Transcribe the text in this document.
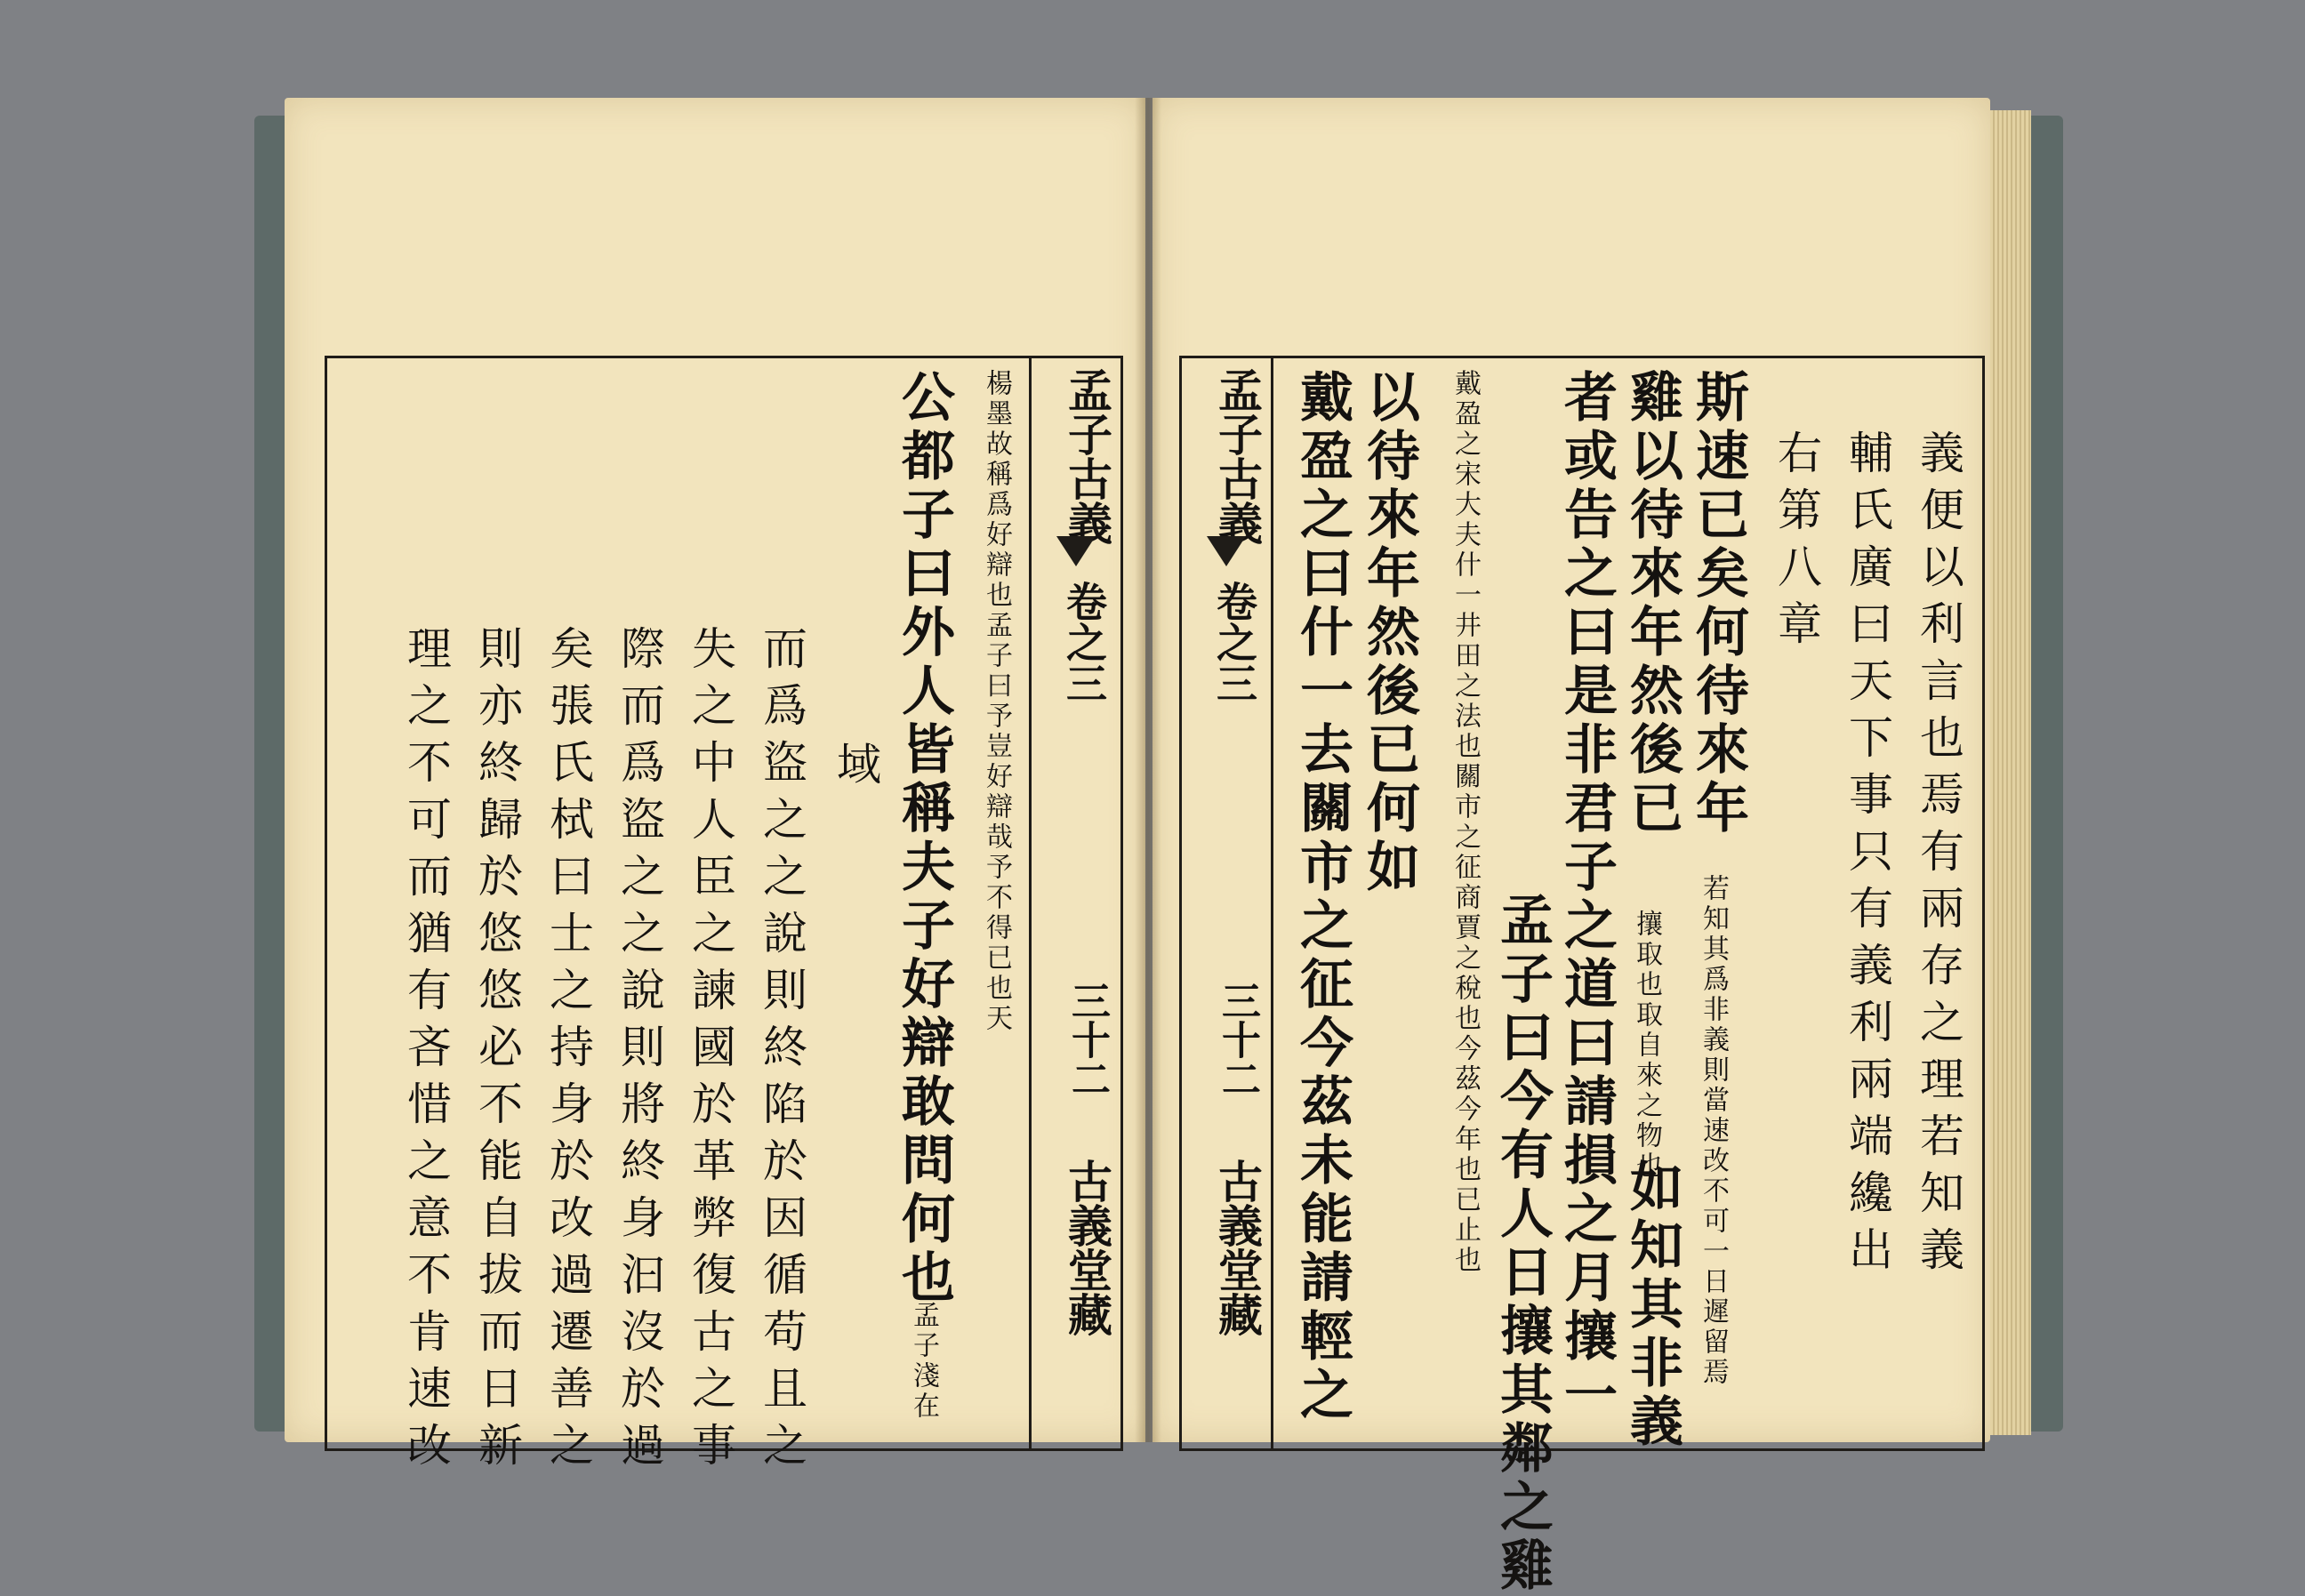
孟子古義
卷之三
三十二
古義堂藏
楊墨故稱爲好辯也孟子曰予豈好辯哉予不得已也天
公都子曰外人皆稱夫子好辯敢問何也
孟子淺在
域
而爲盜之之說則終陷於因循苟且之
失之中人臣之諫國於革弊復古之事
際而爲盜之之說則將終身汩沒於過
矣張氏栻曰士之持身於改過遷善之
則亦終歸於悠悠必不能自拔而日新
理之不可而猶有吝惜之意不肯速改
孟子古義
卷之三
三十二
古義堂藏 戴盈之曰什一去關市之征今茲未能請輕之 以待來年然後已何如	戴盈之宋大夫什一井田之法也關市之征商賈之稅也今茲今年也已止也 孟子曰今有人日攘其鄰之雞 者或告之曰是非君子之道曰請損之月攘一 雞以待來年然後已
攘取也取自來之物也
如知其非義
斯速已矣何待來年
若知其爲非義則當速改不可一日遲留焉
右第八章 輔氏廣曰天下事只有義利兩端纔出 義便以利言也焉有兩存之理若知義
